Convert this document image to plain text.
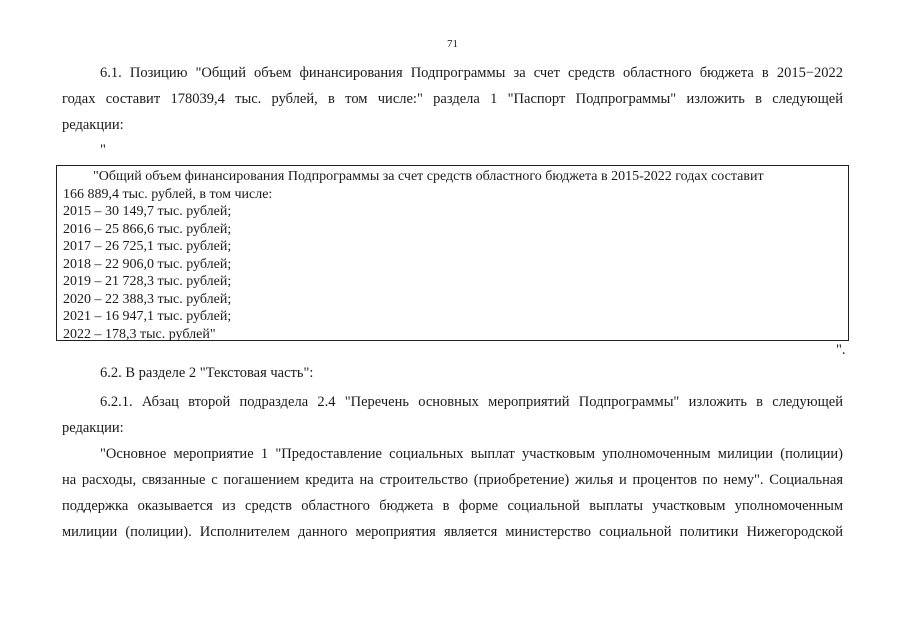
71
6.1. Позицию "Общий объем финансирования Подпрограммы за счет средств областного бюджета в 2015−2022
годах составит 178039,4 тыс. рублей, в том числе:" раздела 1 "Паспорт Подпрограммы" изложить в следующей
редакции:
"
"Общий объем финансирования Подпрограммы за счет средств областного бюджета в 2015-2022 годах составит
166 889,4 тыс. рублей, в том числе:
2015 – 30 149,7 тыс. рублей;
2016 – 25 866,6 тыс. рублей;
2017 – 26 725,1 тыс. рублей;
2018 – 22 906,0 тыс. рублей;
2019 – 21 728,3 тыс. рублей;
2020 – 22 388,3 тыс. рублей;
2021 – 16 947,1 тыс. рублей;
2022 – 178,3 тыс. рублей"
".
6.2. В разделе 2 "Текстовая часть":
6.2.1. Абзац второй подраздела 2.4 "Перечень основных мероприятий Подпрограммы" изложить в следующей
редакции:
"Основное мероприятие 1 "Предоставление социальных выплат участковым уполномоченным милиции (полиции)
на расходы, связанные с погашением кредита на строительство (приобретение) жилья и процентов по нему". Социальная
поддержка оказывается из средств областного бюджета в форме социальной выплаты участковым уполномоченным
милиции (полиции). Исполнителем данного мероприятия является министерство социальной политики Нижегородской
